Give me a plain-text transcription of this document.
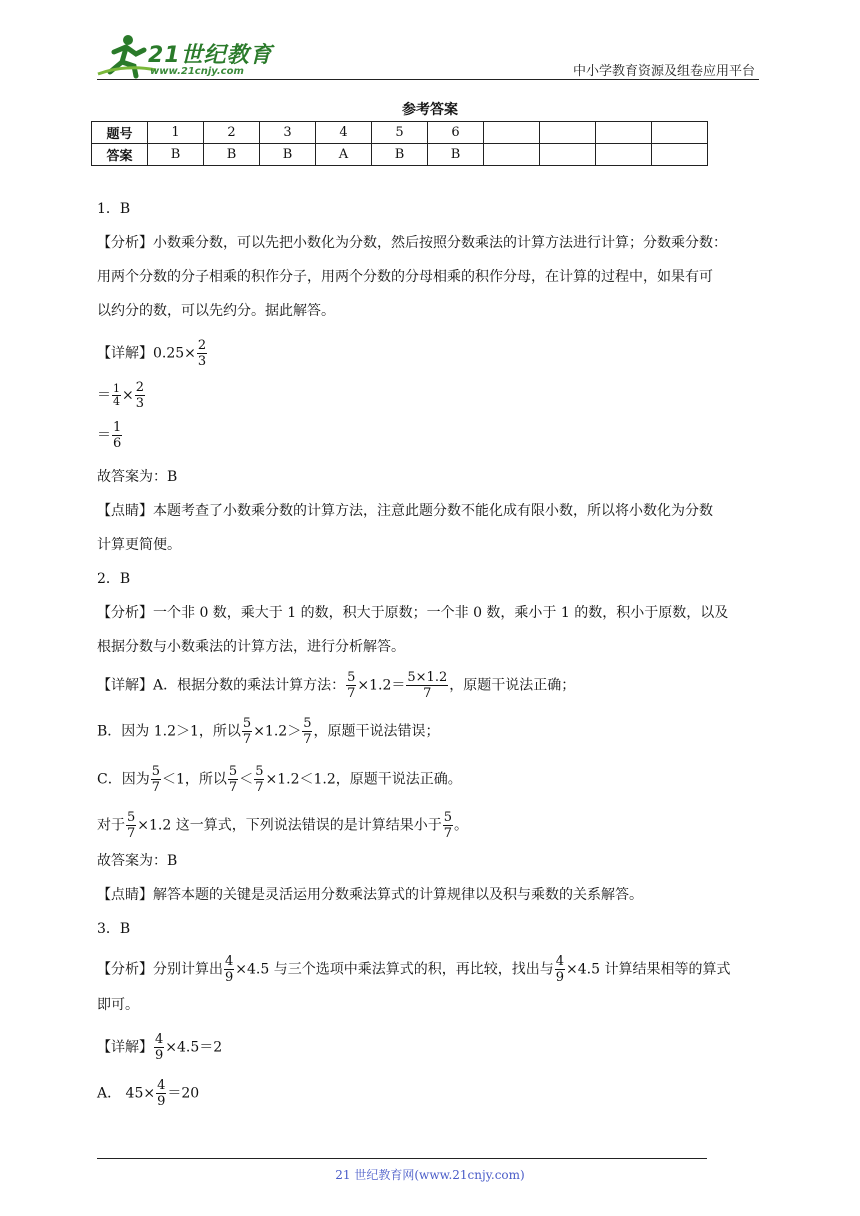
21世纪教育
www.21cnjy.com	中小学教育资源及组卷应用平台
参考答案
题号	1	2	3	4	5	6				
答案	B	B	B	A	B	B				
1．B
【分析】小数乘分数，可以先把小数化为分数，然后按照分数乘法的计算方法进行计算；分数乘分数：
用两个分数的分子相乘的积作分子，用两个分数的分母相乘的积作分母，在计算的过程中，如果有可
以约分的数，可以先约分。据此解答。
【详解】$0.25\times \frac{2}{3}$
＝ $\frac{1}{4} \times \frac{2}{3}$
＝ $\frac{1}{6}$
故答案为：B
【点睛】本题考查了小数乘分数的计算方法，注意此题分数不能化成有限小数，所以将小数化为分数
计算更简便。
2．B
【分析】一个非 0 数，乘大于 1 的数，积大于原数；一个非 0 数，乘小于 1 的数，积小于原数，以及
根据分数与小数乘法的计算方法，进行分析解答。
【详解】A．根据分数的乘法计算方法： $\frac{5}{7} \times 1.2= \frac{5\times 1.2}{7}$ ，原题干说法正确；
B．因为 1.2＞1，所以 $\frac{5}{7} \times 1.2> \frac{5}{7}$ ，原题干说法错误；
C．因为 $\frac{5}{7} <1$，所以 $\frac{5}{7} < \frac{5}{7} \times 1.2<1.2$，原题干说法正确。
对于 $\frac{5}{7} \times 1.2$ 这一算式，下列说法错误的是计算结果小于 $\frac{5}{7}$ 。
故答案为：B
【点睛】解答本题的关键是灵活运用分数乘法算式的计算规律以及积与乘数的关系解答。
3．B
【分析】分别计算出 $\frac{4}{9} \times 4.5$ 与三个选项中乘法算式的积，再比较，找出与 $\frac{4}{9} \times 4.5$ 计算结果相等的算式
即可。
【详解】 $\frac{4}{9} \times 4.5=2$
A． $45\times \frac{4}{9} =20$
21 世纪教育网(www.21cnjy.com)
